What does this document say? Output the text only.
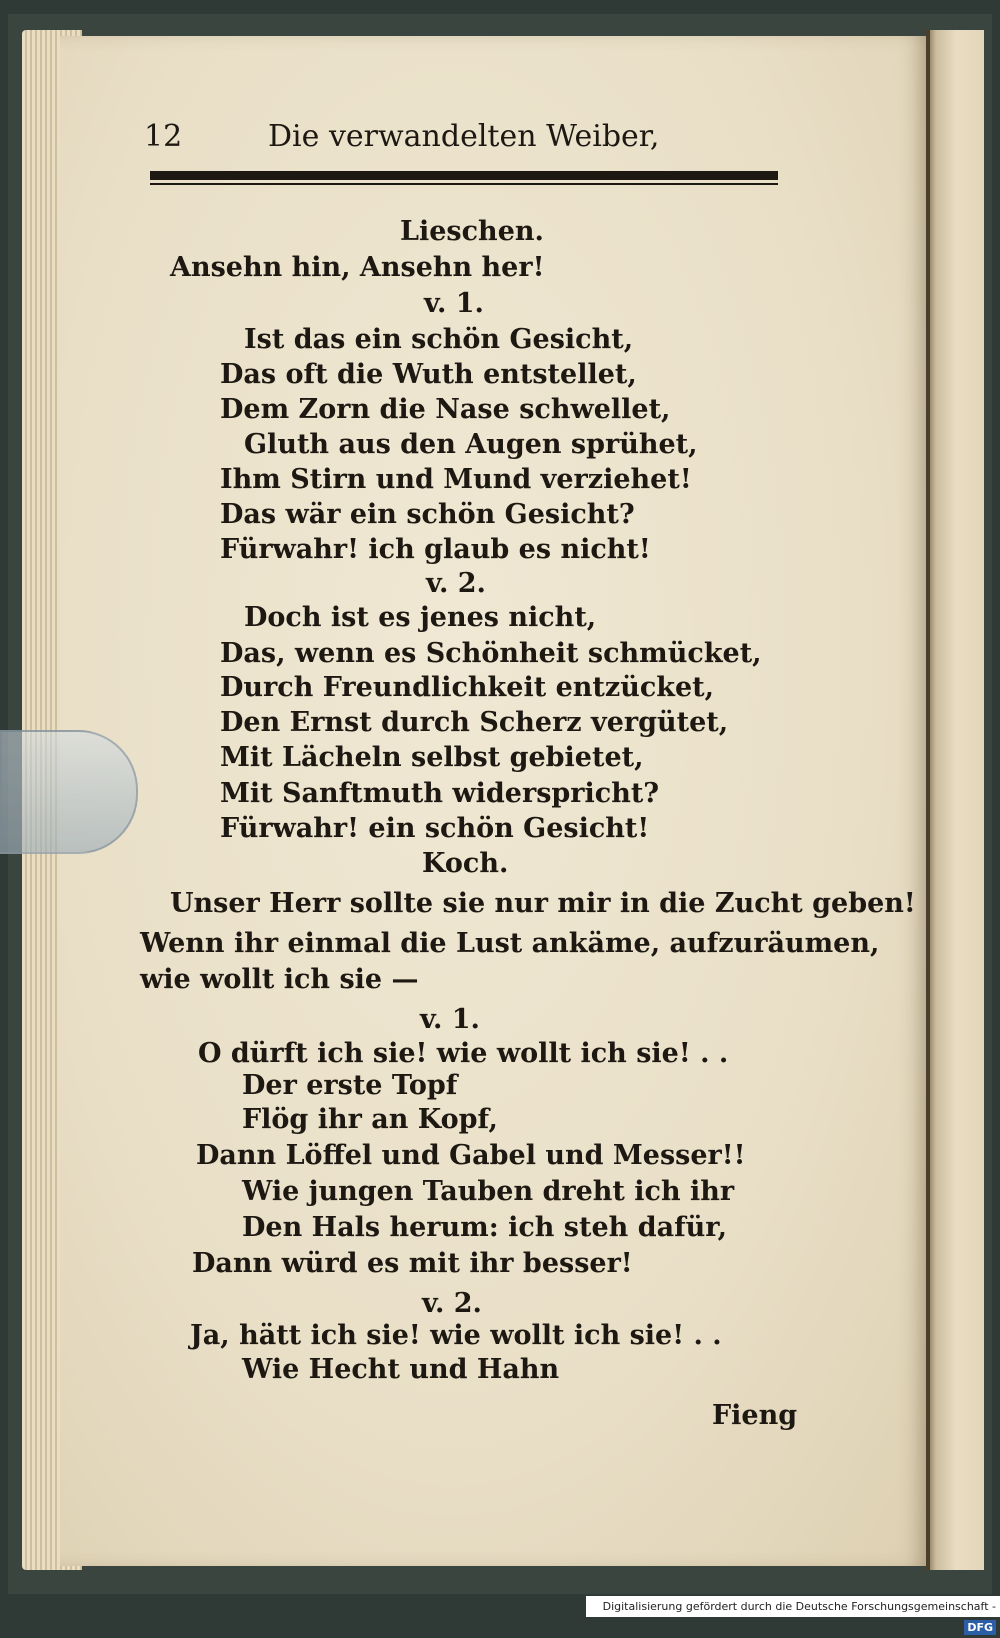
12	Die verwandelten Weiber,
Lieschen.
Ansehn hin, Ansehn her!
v. 1.
Ist das ein schön Gesicht,
Das oft die Wuth entstellet,
Dem Zorn die Nase schwellet,
Gluth aus den Augen sprühet,
Ihm Stirn und Mund verziehet!
Das wär ein schön Gesicht?
Fürwahr! ich glaub es nicht!
v. 2.
Doch ist es jenes nicht,
Das, wenn es Schönheit schmücket,
Durch Freundlichkeit entzücket,
Den Ernst durch Scherz vergütet,
Mit Lächeln selbst gebietet,
Mit Sanftmuth widerspricht?
Fürwahr! ein schön Gesicht!
Koch.
Unser Herr sollte sie nur mir in die Zucht geben!
Wenn ihr einmal die Lust ankäme, aufzuräumen,
wie wollt ich sie —
v. 1.
O dürft ich sie! wie wollt ich sie! . .
Der erste Topf
Flög ihr an Kopf,
Dann Löffel und Gabel und Messer!!
Wie jungen Tauben dreht ich ihr
Den Hals herum: ich steh dafür,
Dann würd es mit ihr besser!
v. 2.
Ja, hätt ich sie! wie wollt ich sie! . .
Wie Hecht und Hahn
Fieng
Digitalisierung gefördert durch die Deutsche Forschungsgemeinschaft -DFG
